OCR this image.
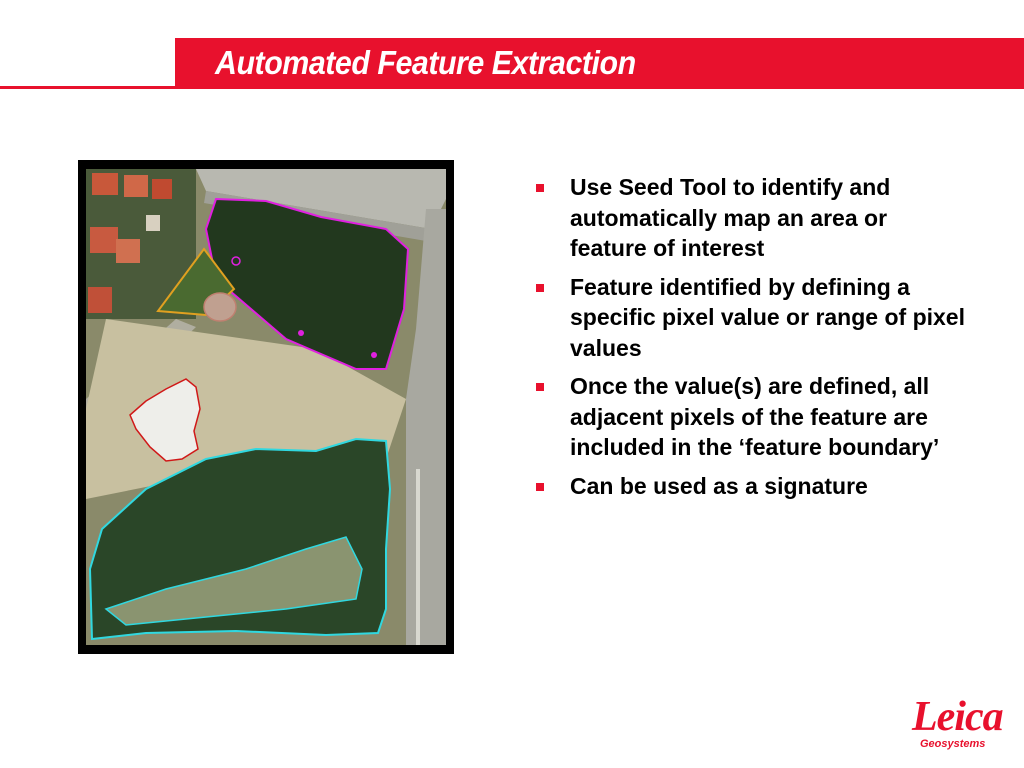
Automated Feature Extraction
Use Seed Tool to identify and automatically map an area or feature of interest
Feature identified by defining a specific pixel value or range of pixel values
Once the value(s) are defined, all adjacent pixels of the feature are included in the ‘feature boundary’
Can be used as a signature
Leica
Geosystems
